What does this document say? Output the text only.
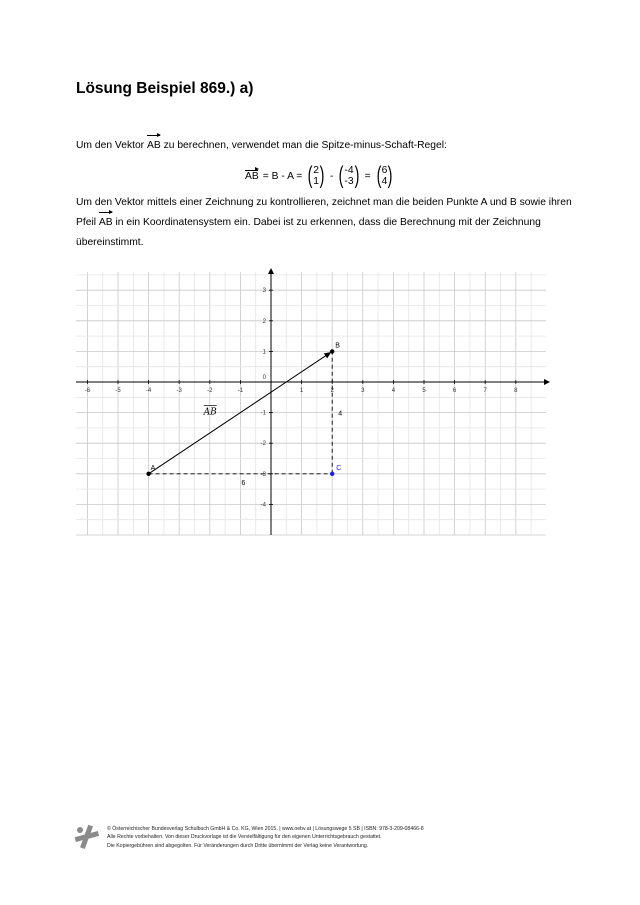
Lösung Beispiel 869.) a)
Um den Vektor AB zu berechnen, verwendet man die Spitze-minus-Schaft-Regel:
AB = B - A = ( 2
1 ) - ( -4
-3 ) = ( 6
4 )
Um den Vektor mittels einer Zeichnung zu kontrollieren, zeichnet man die beiden Punkte A und B sowie ihren Pfeil AB in ein Koordinatensystem ein. Dabei ist zu erkennen, dass die Berechnung mit der Zeichnung übereinstimmt.
-6	-5	-4	-3	-2	-1	1	2	3	4	5	6	7	8
3
2
1
-1
-2
-3
-4
0
A
B
C
AB
6
4
© Österreichischer Bundesverlag Schulbuch GmbH & Co. KG, Wien 2015. | www.oebv.at | Lösungswege 5 SB | ISBN: 978-3-209-08466-8
Alle Rechte vorbehalten. Von dieser Druckvorlage ist die Vervielfältigung für den eigenen Unterrichtsgebrauch gestattet.
Die Kopiergebühren sind abgegolten. Für Veränderungen durch Dritte übernimmt der Verlag keine Verantwortung.
